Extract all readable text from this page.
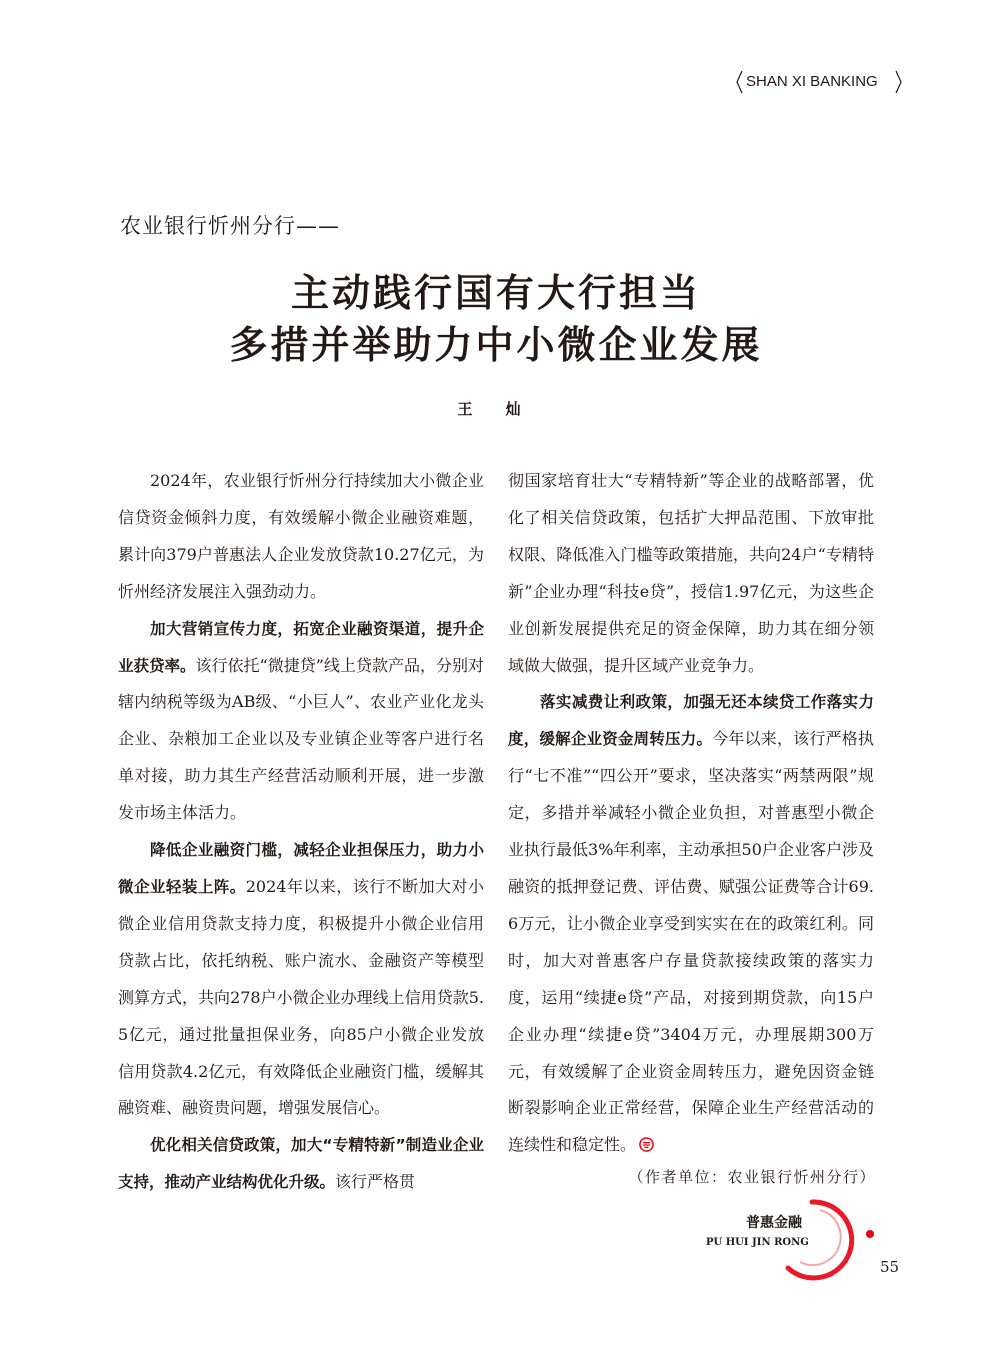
SHAN XI BANKING
农业银行忻州分行——
主动践行国有大行担当
多措并举助力中小微企业发展
王 灿

2024年，农业银行忻州分行持续加大小微企业信贷资金倾斜力度，有效缓解小微企业融资难题，累计向379户普惠法人企业发放贷款10.27亿元，为忻州经济发展注入强劲动力。

加大营销宣传力度，拓宽企业融资渠道，提升企业获贷率。该行依托“微捷贷”线上贷款产品，分别对辖内纳税等级为AB级、“小巨人”、农业产业化龙头企业、杂粮加工企业以及专业镇企业等客户进行名单对接，助力其生产经营活动顺利开展，进一步激发市场主体活力。

降低企业融资门槛，减轻企业担保压力，助力小微企业轻装上阵。2024年以来，该行不断加大对小微企业信用贷款支持力度，积极提升小微企业信用贷款占比，依托纳税、账户流水、金融资产等模型测算方式，共向278户小微企业办理线上信用贷款5.5亿元，通过批量担保业务，向85户小微企业发放信用贷款4.2亿元，有效降低企业融资门槛，缓解其融资难、融资贵问题，增强发展信心。

优化相关信贷政策，加大“专精特新”制造业企业支持，推动产业结构优化升级。该行严格贯

彻国家培育壮大“专精特新”等企业的战略部署，优化了相关信贷政策，包括扩大押品范围、下放审批权限、降低准入门槛等政策措施，共向24户“专精特新”企业办理“科技e贷”，授信1.97亿元，为这些企业创新发展提供充足的资金保障，助力其在细分领域做大做强，提升区域产业竞争力。

落实减费让利政策，加强无还本续贷工作落实力度，缓解企业资金周转压力。今年以来，该行严格执行“七不准”“四公开”要求，坚决落实“两禁两限”规定，多措并举减轻小微企业负担，对普惠型小微企业执行最低3%年利率，主动承担50户企业客户涉及融资的抵押登记费、评估费、赋强公证费等合计69.6万元，让小微企业享受到实实在在的政策红利。同时，加大对普惠客户存量贷款接续政策的落实力度，运用“续捷e贷”产品，对接到期贷款，向15户企业办理“续捷e贷”3404万元，办理展期300万元，有效缓解了企业资金周转压力，避免因资金链断裂影响企业正常经营，保障企业生产经营活动的连续性和稳定性。

（作者单位：农业银行忻州分行）
普惠金融
PU HUI JIN RONG
55
